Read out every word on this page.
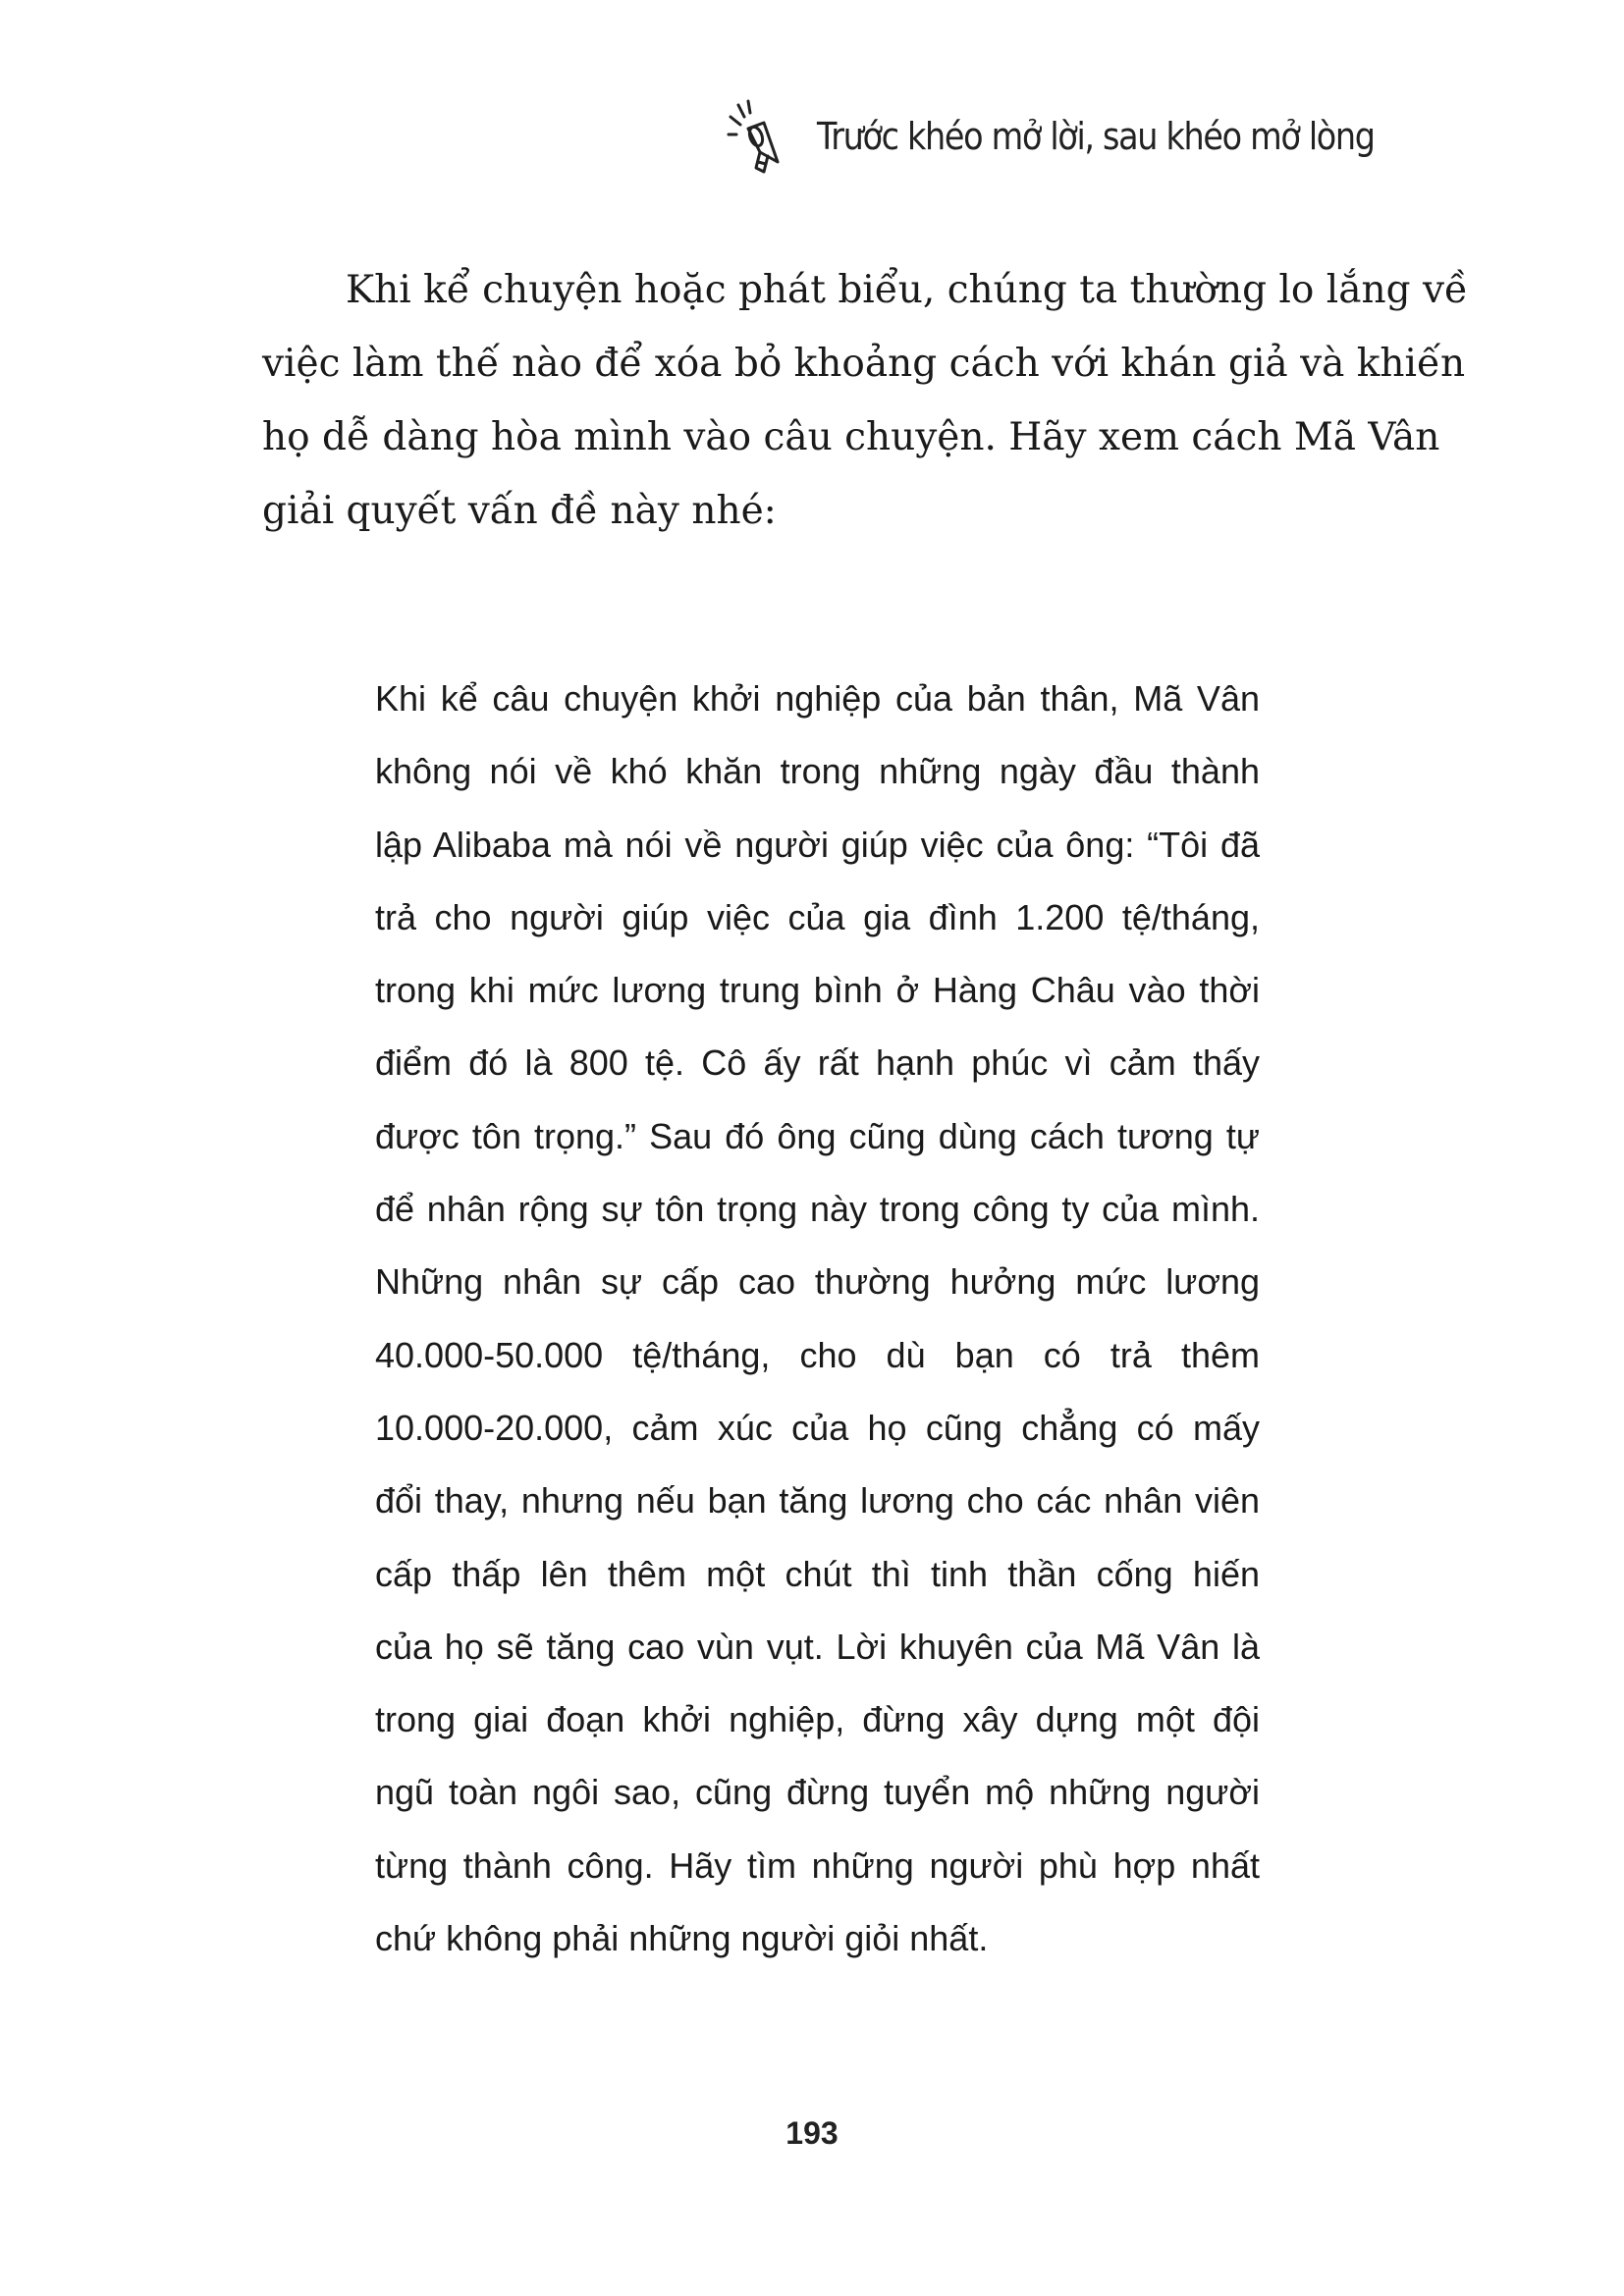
Trước khéo mở lời, sau khéo mở lòng
Khi kể chuyện hoặc phát biểu, chúng ta thường lo lắng về
việc làm thế nào để xóa bỏ khoảng cách với khán giả và khiến
họ dễ dàng hòa mình vào câu chuyện. Hãy xem cách Mã Vân
giải quyết vấn đề này nhé:
Khi kể câu chuyện khởi nghiệp của bản thân, Mã Vân
không nói về khó khăn trong những ngày đầu thành
lập Alibaba mà nói về người giúp việc của ông: “Tôi đã
trả cho người giúp việc của gia đình 1.200 tệ/tháng,
trong khi mức lương trung bình ở Hàng Châu vào thời
điểm đó là 800 tệ. Cô ấy rất hạnh phúc vì cảm thấy
được tôn trọng.” Sau đó ông cũng dùng cách tương tự
để nhân rộng sự tôn trọng này trong công ty của mình.
Những nhân sự cấp cao thường hưởng mức lương
40.000-50.000 tệ/tháng, cho dù bạn có trả thêm
10.000-20.000, cảm xúc của họ cũng chẳng có mấy
đổi thay, nhưng nếu bạn tăng lương cho các nhân viên
cấp thấp lên thêm một chút thì tinh thần cống hiến
của họ sẽ tăng cao vùn vụt. Lời khuyên của Mã Vân là
trong giai đoạn khởi nghiệp, đừng xây dựng một đội
ngũ toàn ngôi sao, cũng đừng tuyển mộ những người
từng thành công. Hãy tìm những người phù hợp nhất
chứ không phải những người giỏi nhất.
193
